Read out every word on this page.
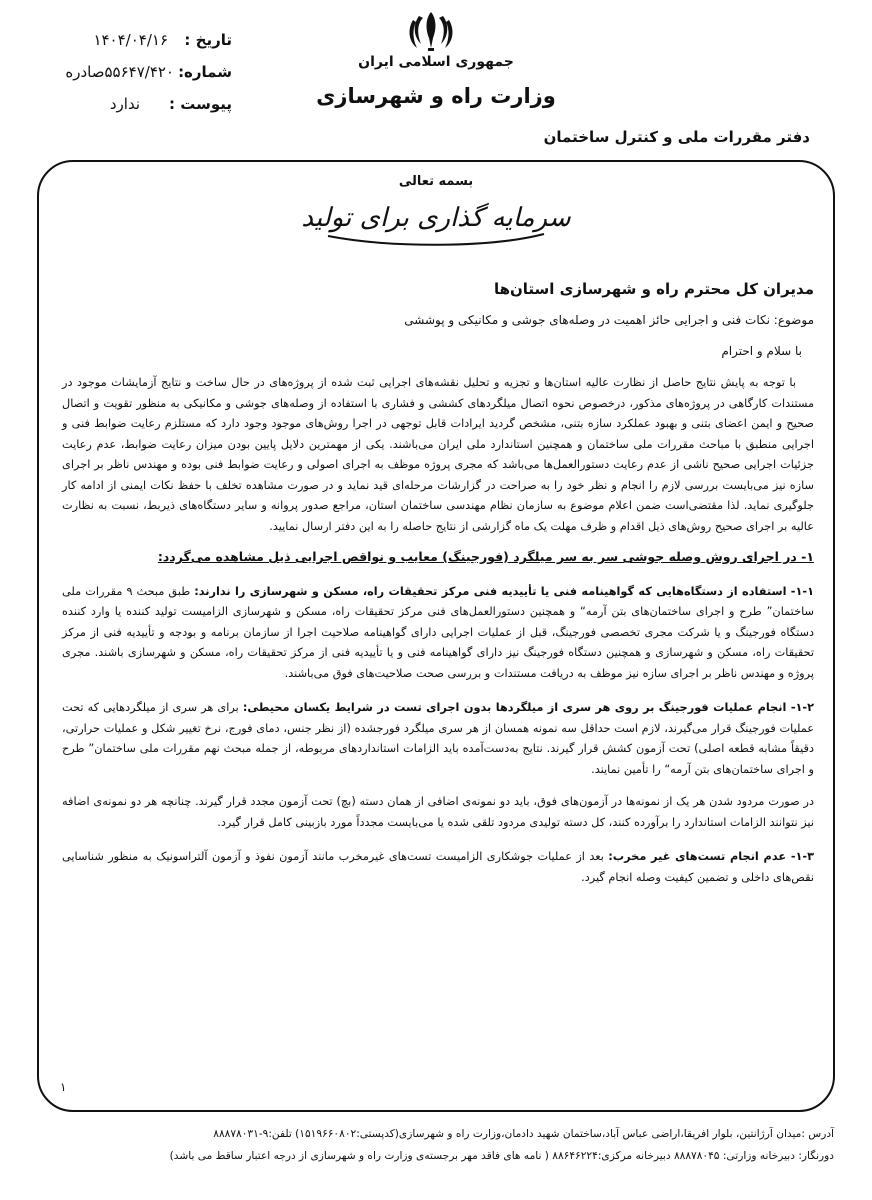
تاریخ :
۱۴۰۴/۰۴/۱۶
شماره:
۵۵۶۴۷/۴۲۰صادره
پیوست :
ندارد
جمهوری اسلامی ایران
وزارت راه و شهرسازی
دفتر مقررات ملی و کنترل ساختمان
بسمه تعالی
سرمایه گذاری برای تولید

مدیران کل محترم راه و شهرسازی استان‌ها

موضوع: نکات فنی و اجرایی حائز اهمیت در وصله‌های جوشی و مکانیکی و پوششی

با سلام و احترام

با توجه به پایش نتایج حاصل از نظارت عالیه استان‌ها و تجزیه و تحلیل نقشه‌های اجرایی ثبت شده از پروژه‌های در حال ساخت و نتایج آزمایشات موجود در مستندات کارگاهی در پروژه‌های مذکور، درخصوص نحوه اتصال میلگردهای کششی و فشاری با استفاده از وصله‌های جوشی و مکانیکی به منظور تقویت و اتصال صحیح و ایمن اعضای بتنی و بهبود عملکرد سازه بتنی، مشخص گردید ایرادات قابل توجهی در اجرا روش‌های موجود وجود دارد که مستلزم رعایت ضوابط فنی و اجرایی منطبق با مباحث مقررات ملی ساختمان و همچنین استاندارد ملی ایران می‌باشند. یکی از مهمترین دلایل پایین بودن میزان رعایت ضوابط، عدم رعایت جزئیات اجرایی صحیح ناشی از عدم رعایت دستورالعمل‌ها می‌باشد که مجری پروژه موظف به اجرای اصولی و رعایت ضوابط فنی بوده و مهندس ناظر بر اجرای سازه نیز می‌بایست بررسی لازم را انجام و نظر خود را به صراحت در گزارشات مرحله‌ای قید نماید و در صورت مشاهده تخلف با حفظ نکات ایمنی از ادامه کار جلوگیری نماید. لذا مقتضی‌است ضمن اعلام موضوع به سازمان نظام مهندسی ساختمان استان، مراجع صدور پروانه و سایر دستگاه‌های ذیربط، نسبت به نظارت عالیه بر اجرای صحیح روش‌های ذیل اقدام و ظرف مهلت یک ماه گزارشی از نتایج حاصله را به این دفتر ارسال نمایید.

۱- در اجرای روش وصله جوشی سر به سر میلگرد (فورجینگ) معایب و نواقص اجرایی ذیل مشاهده می‌گردد:

۱-۱- استفاده از دستگاه‌هایی که گواهینامه فنی یا تأییدیه فنی مرکز تحقیقات راه، مسکن و شهرسازی را ندارند: طبق مبحث ۹ مقررات ملی ساختمان” طرح و اجرای ساختمان‌های بتن آرمه“ و همچنین دستورالعمل‌های فنی مرکز تحقیقات راه، مسکن و شهرسازی الزامیست تولید کننده یا وارد کننده دستگاه فورجینگ و یا شرکت مجری تخصصی فورجینگ، قبل از عملیات اجرایی دارای گواهینامه صلاحیت اجرا از سازمان برنامه و بودجه و تأییدیه فنی از مرکز تحقیقات راه، مسکن و شهرسازی و همچنین دستگاه فورجینگ نیز دارای گواهینامه فنی و یا تأییدیه فنی از مرکز تحقیقات راه، مسکن و شهرسازی باشند. مجری پروژه و مهندس ناظر بر اجرای سازه نیز موظف به دریافت مستندات و بررسی صحت صلاحیت‌های فوق می‌باشند.

۱-۲- انجام عملیات فورجینگ بر روی هر سری از میلگردها بدون اجرای تست در شرایط یکسان محیطی: برای هر سری از میلگردهایی که تحت عملیات فورجینگ قرار می‌گیرند، لازم است حداقل سه نمونه همسان از هر سری میلگرد فورجشده (از نظر جنس، دمای فورج، نرخ تغییر شکل و عملیات حرارتی، دقیقاً مشابه قطعه اصلی) تحت آزمون کشش قرار گیرند. نتایج به‌دست‌آمده باید الزامات استانداردهای مربوطه، از جمله مبحث نهم مقررات ملی ساختمان” طرح و اجرای ساختمان‌های بتن آرمه“ را تأمین نمایند.

در صورت مردود شدن هر یک از نمونه‌ها در آزمون‌های فوق، باید دو نمونه‌ی اضافی از همان دسته (بچ) تحت آزمون مجدد قرار گیرند. چنانچه هر دو نمونه‌ی اضافه نیز نتوانند الزامات استاندارد را برآورده کنند، کل دسته تولیدی مردود تلقی شده یا می‌بایست مجدداً مورد بازبینی کامل قرار گیرد.

۱-۳- عدم انجام تست‌های غیر مخرب: بعد از عملیات جوشکاری الزامیست تست‌های غیرمخرب مانند آزمون نفوذ و آزمون آلتراسونیک به منظور شناسایی نقص‌های داخلی و تضمین کیفیت وصله انجام گیرد.

۱
آدرس :میدان آرژانتین، بلوار افریقا،اراضی عباس آباد،ساختمان شهید دادمان،وزارت راه و شهرسازی(کدپستی:۱۵۱۹۶۶۰۸۰۲) تلفن:۹-۸۸۸۷۸۰۳۱
دورنگار: دبیرخانه وزارتی: ۸۸۸۷۸۰۴۵ دبیرخانه مرکزی:۸۸۶۴۶۲۲۴ ( نامه های فاقد مهر برجسته‌ی وزارت راه و شهرسازی از درجه اعتبار ساقط می باشد)
